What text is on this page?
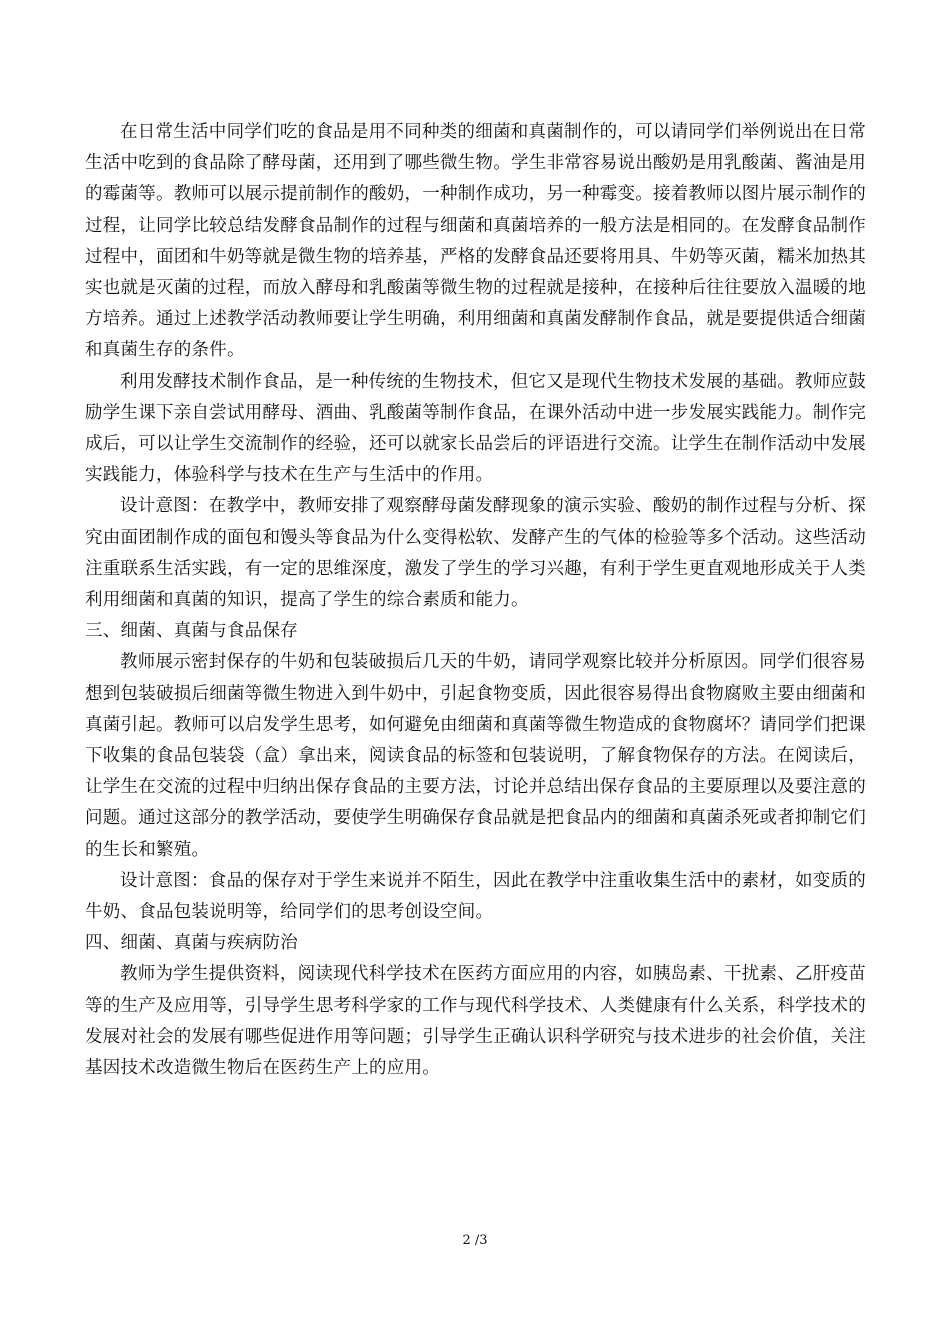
在日常生活中同学们吃的食品是用不同种类的细菌和真菌制作的，可以请同学们举例说出在日常生活中吃到的食品除了酵母菌，还用到了哪些微生物。学生非常容易说出酸奶是用乳酸菌、酱油是用的霉菌等。教师可以展示提前制作的酸奶，一种制作成功，另一种霉变。接着教师以图片展示制作的过程，让同学比较总结发酵食品制作的过程与细菌和真菌培养的一般方法是相同的。在发酵食品制作过程中，面团和牛奶等就是微生物的培养基，严格的发酵食品还要将用具、牛奶等灭菌，糯米加热其实也就是灭菌的过程，而放入酵母和乳酸菌等微生物的过程就是接种，在接种后往往要放入温暖的地方培养。通过上述教学活动教师要让学生明确，利用细菌和真菌发酵制作食品，就是要提供适合细菌和真菌生存的条件。

利用发酵技术制作食品，是一种传统的生物技术，但它又是现代生物技术发展的基础。教师应鼓励学生课下亲自尝试用酵母、酒曲、乳酸菌等制作食品，在课外活动中进一步发展实践能力。制作完成后，可以让学生交流制作的经验，还可以就家长品尝后的评语进行交流。让学生在制作活动中发展实践能力，体验科学与技术在生产与生活中的作用。

设计意图：在教学中，教师安排了观察酵母菌发酵现象的演示实验、酸奶的制作过程与分析、探究由面团制作成的面包和馒头等食品为什么变得松软、发酵产生的气体的检验等多个活动。这些活动注重联系生活实践，有一定的思维深度，激发了学生的学习兴趣，有利于学生更直观地形成关于人类利用细菌和真菌的知识，提高了学生的综合素质和能力。

三、细菌、真菌与食品保存

教师展示密封保存的牛奶和包装破损后几天的牛奶，请同学观察比较并分析原因。同学们很容易想到包装破损后细菌等微生物进入到牛奶中，引起食物变质，因此很容易得出食物腐败主要由细菌和真菌引起。教师可以启发学生思考，如何避免由细菌和真菌等微生物造成的食物腐坏？请同学们把课下收集的食品包装袋（盒）拿出来，阅读食品的标签和包装说明，了解食物保存的方法。在阅读后，让学生在交流的过程中归纳出保存食品的主要方法，讨论并总结出保存食品的主要原理以及要注意的问题。通过这部分的教学活动，要使学生明确保存食品就是把食品内的细菌和真菌杀死或者抑制它们的生长和繁殖。

设计意图：食品的保存对于学生来说并不陌生，因此在教学中注重收集生活中的素材，如变质的牛奶、食品包装说明等，给同学们的思考创设空间。

四、细菌、真菌与疾病防治

教师为学生提供资料，阅读现代科学技术在医药方面应用的内容，如胰岛素、干扰素、乙肝疫苗等的生产及应用等，引导学生思考科学家的工作与现代科学技术、人类健康有什么关系，科学技术的发展对社会的发展有哪些促进作用等问题；引导学生正确认识科学研究与技术进步的社会价值，关注基因技术改造微生物后在医药生产上的应用。

2 /3
